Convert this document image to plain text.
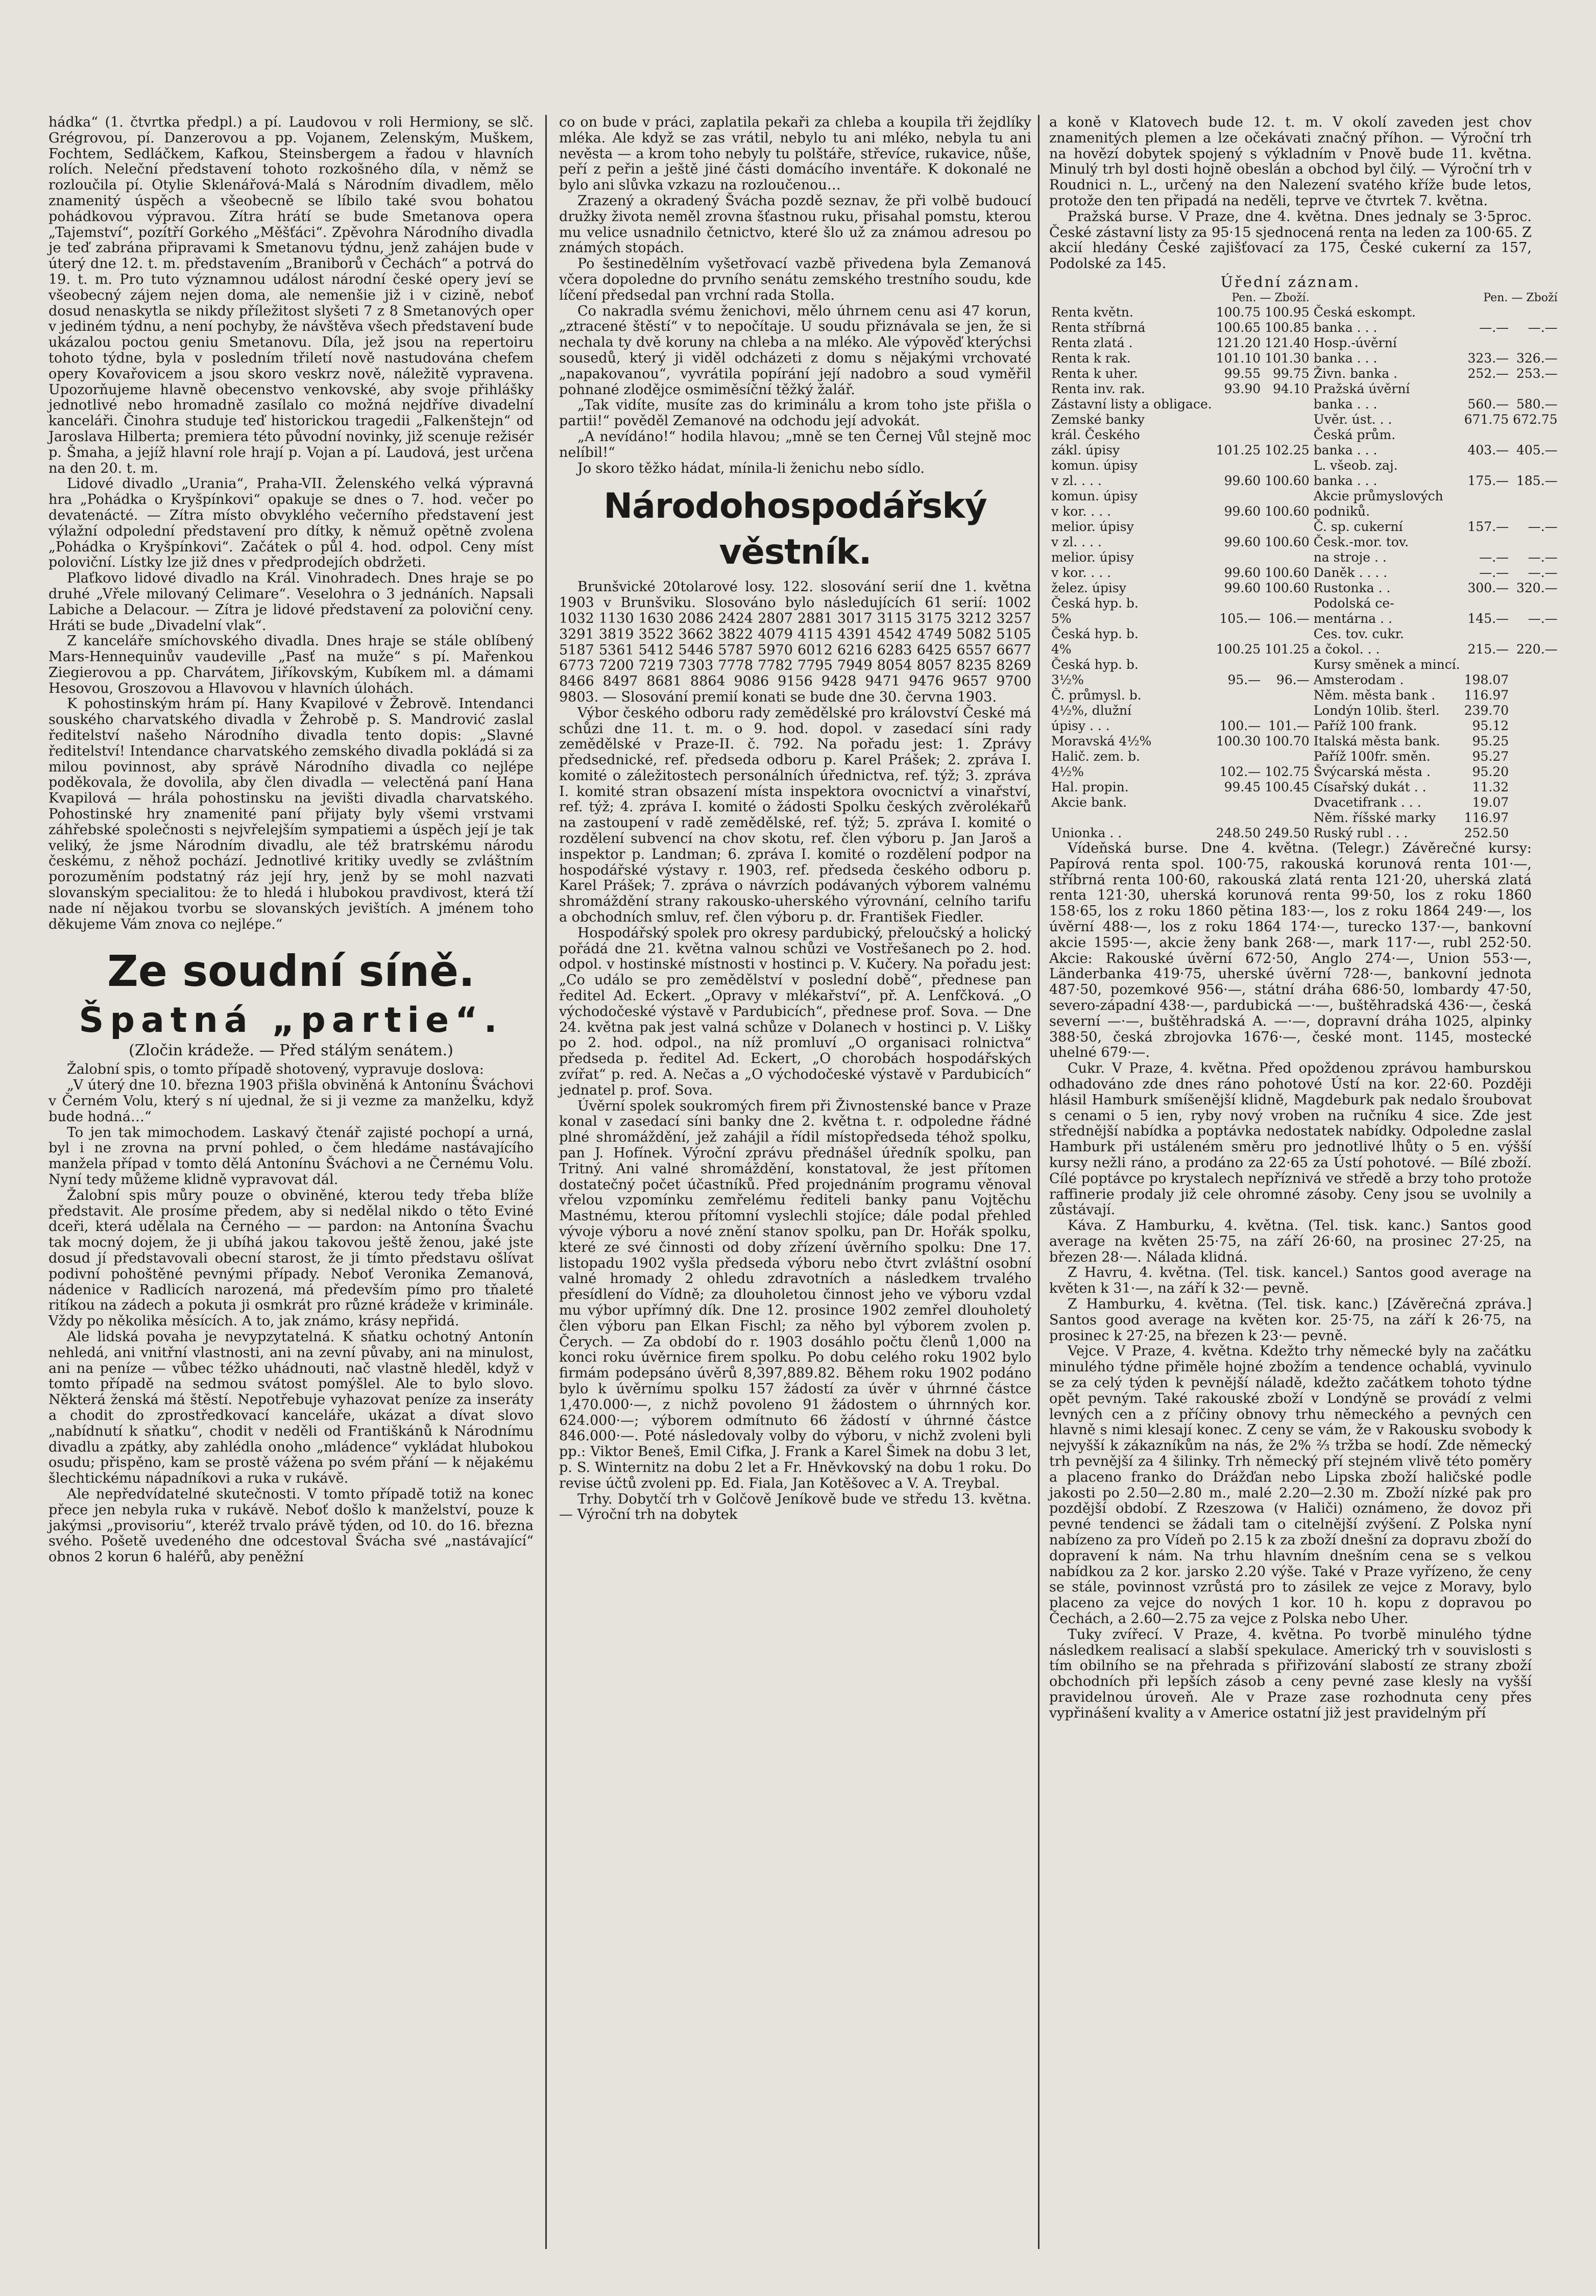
hádka“ (1. čtvrtka předpl.) a pí. Laudovou v roli Hermiony, se slč. Grégrovou, pí. Danzerovou a pp. Vojanem, Zelenským, Muškem, Fochtem, Sedláčkem, Kafkou, Steinsbergem a řadou v hlavních rolích. Neleční představení tohoto rozkošného díla, v němž se rozloučila pí. Otylie Sklenářová-Malá s Národním divadlem, mělo znamenitý úspěch a všeobecně se líbilo také svou bohatou pohádkovou výpravou. Zítra hrátí se bude Smetanova opera „Tajemství“, pozítří Gorkého „Měšťáci“. Zpěvohra Národního divadla je teď zabrána připravami k Smetanovu týdnu, jenž zahájen bude v úterý dne 12. t. m. představením „Braniborů v Čechách“ a potrvá do 19. t. m. Pro tuto významnou událost národní české opery jeví se všeobecný zájem nejen doma, ale nemenšie již i v cizině, neboť dosud nenaskytla se nikdy příležitost slyšeti 7 z 8 Smetanových oper v jediném týdnu, a není pochyby, že návštěva všech představení bude ukázalou poctou geniu Smetanovu. Díla, jež jsou na repertoiru tohoto týdne, byla v posledním třiletí nově nastudována chefem opery Kovařovicem a jsou skoro veskrz nově, náležitě vypravena. Upozorňujeme hlavně obecenstvo venkovské, aby svoje přihlášky jednotlivé nebo hromadně zasílalo co možná nejdříve divadelní kanceláři. Činohra studuje teď historickou tragedii „Falkenštejn“ od Jaroslava Hilberta; premiera této původní novinky, již scenuje režisér p. Šmaha, a jejíž hlavní role hrají p. Vojan a pí. Laudová, jest určena na den 20. t. m.

Lidové divadlo „Urania“, Praha-VII. Želenského velká výpravná hra „Pohádka o Kryšpínkovi“ opakuje se dnes o 7. hod. večer po devatenácté. — Zítra místo obvyklého večerního představení jest výlažní odpolední představení pro dítky, k němuž opětně zvolena „Pohádka o Kryšpínkovi“. Začátek o půl 4. hod. odpol. Ceny míst poloviční. Lístky lze již dnes v předprodejích obdržeti.

Plaťkovo lidové divadlo na Král. Vinohradech. Dnes hraje se po druhé „Vřele milovaný Celimare“. Veselohra o 3 jednáních. Napsali Labiche a Delacour. — Zítra je lidové představení za poloviční ceny. Hráti se bude „Divadelní vlak“.

Z kanceláře smíchovského divadla. Dnes hraje se stále oblíbený Mars-Hennequinův vaudeville „Pasť na muže“ s pí. Mařenkou Ziegierovou a pp. Charvátem, Jiříkovským, Kubíkem ml. a dámami Hesovou, Groszovou a Hlavovou v hlavních úlohách.

K pohostinským hrám pí. Hany Kvapilové v Žebrově. Intendanci souského charvatského divadla v Žehrobě p. S. Mandrović zaslal ředitelství našeho Národního divadla tento dopis: „Slavné ředitelství! Intendance charvatského zemského divadla pokládá si za milou povinnost, aby správě Národního divadla co nejlépe poděkovala, že dovolila, aby člen divadla — velectěná paní Hana Kvapilová — hrála pohostinsku na jevišti divadla charvatského. Pohostinské hry znamenité paní přijaty byly všemi vrstvami záhřebské společnosti s nejvřelejším sympatiemi a úspěch její je tak veliký, že jsme Národním divadlu, ale též bratrskému národu českému, z něhož pochází. Jednotlivé kritiky uvedly se zvláštním porozuměním podstatný ráz její hry, jenž by se mohl nazvati slovanským specialitou: že to hledá i hlubokou pravdivost, která tží nade ní nějakou tvorbu se slovanských jevištích. A jménem toho děkujeme Vám znova co nejlépe.“

Ze soudní síně.
Špatná „partie“.
(Zločin krádeže. — Před stálým senátem.)

Žalobní spis, o tomto případě shotovený, vypravuje doslova:

„V úterý dne 10. března 1903 přišla obviněná k Antonínu Šváchovi v Černém Volu, který s ní ujednal, že si ji vezme za manželku, když bude hodná…“

To jen tak mimochodem. Laskavý čtenář zajisté pochopí a urná, byl i ne zrovna na první pohled, o čem hledáme nastávajícího manžela případ v tomto dělá Antonínu Šváchovi a ne Černému Volu. Nyní tedy můžeme klidně vypravovat dál.

Žalobní spis můry pouze o obviněné, kterou tedy třeba blíže představit. Ale prosíme předem, aby si nedělal nikdo o těto Eviné dceři, která udělala na Černého — — pardon: na Antonína Švachu tak mocný dojem, že ji ubíhá jakou takovou ještě ženou, jaké jste dosud jí představovali obecní starost, že ji tímto představu ošlívat podivní pohoštěné pevnými případy. Neboť Veronika Zemanová, nádenice v Radlicích narozená, má především pímo pro tňaleté ritíkou na zádech a pokuta ji osmkrát pro různé krádeže v kriminále. Vždy po několika měsících. A to, jak známo, krásy nepřidá.

Ale lidská povaha je nevypzytatelná. K sňatku ochotný Antonín nehledá, ani vnitřní vlastnosti, ani na zevní půvaby, ani na minulost, ani na peníze — vůbec téžko uhádnouti, nač vlastně hleděl, když v tomto případě na sedmou svátost pomýšlel. Ale to bylo slovo. Některá ženská má štěstí. Nepotřebuje vyhazovat peníze za inseráty a chodit do zprostředkovací kanceláře, ukázat a dívat slovo „nabídnutí k sňatku“, chodit v neděli od Františkánů k Národnímu divadlu a zpátky, aby zahlédla onoho „mládence“ vykládat hlubokou osudu; přispěno, kam se prostě vážena po svém přání — k nějakému šlechtickému nápadníkovi a ruka v rukávě.

Ale nepředvídatelné skutečnosti. V tomto případě totiž na konec přece jen nebyla ruka v rukávě. Neboť došlo k manželství, pouze k jakýmsi „provisoriu“, kteréž trvalo právě týden, od 10. do 16. března svého. Pošetě uvedeného dne odcestoval Švácha své „nastávající“ obnos 2 korun 6 haléřů, aby peněžní

co on bude v práci, zaplatila pekaři za chleba a koupila tři žejdlíky mléka. Ale když se zas vrátil, nebylo tu ani mléko, nebyla tu ani nevěsta — a krom toho nebyly tu polštáře, střevíce, rukavice, nůše, peří z peřin a ještě jiné části domácího inventáře. K dokonalé ne bylo ani slůvka vzkazu na rozloučenou…

Zrazený a okradený Švácha pozdě seznav, že při volbě budoucí družky života neměl zrovna šťastnou ruku, přisahal pomstu, kterou mu velice usnadnilo četnictvo, které šlo už za známou adresou po známých stopách.

Po šestinedělním vyšetřovací vazbě přivedena byla Zemanová včera dopoledne do prvního senátu zemského trestního soudu, kde líčení předsedal pan vrchní rada Stolla.

Co nakradla svému ženichovi, mělo úhrnem cenu asi 47 korun, „ztracené štěstí“ v to nepočítaje. U soudu přiznávala se jen, že si nechala ty dvě koruny na chleba a na mléko. Ale výpověď kterýchsi sousedů, který ji viděl odcházeti z domu s nějakými vrchovaté „napakovanou“, vyvrátila popírání její nadobro a soud vyměřil pohnané zlodějce osmiměsíční těžký žalář.

„Tak vidíte, musíte zas do kriminálu a krom toho jste přišla o partii!“ pověděl Zemanové na odchodu její advokát.

„A nevídáno!“ hodila hlavou; „mně se ten Černej Vůl stejně moc nelíbil!“

Jo skoro těžko hádat, mínila-li ženichu nebo sídlo.

Národohospodářský věstník.

Brunšvické 20tolarové losy. 122. slosování serií dne 1. května 1903 v Brunšviku. Slosováno bylo následujících 61 serií: 1002 1032 1130 1630 2086 2424 2807 2881 3017 3115 3175 3212 3257 3291 3819 3522 3662 3822 4079 4115 4391 4542 4749 5082 5105 5187 5361 5412 5446 5787 5970 6012 6216 6283 6425 6557 6677 6773 7200 7219 7303 7778 7782 7795 7949 8054 8057 8235 8269 8466 8497 8681 8864 9086 9156 9428 9471 9476 9657 9700 9803. — Slosování premií konati se bude dne 30. června 1903.

Výbor českého odboru rady zemědělské pro království České má schůzi dne 11. t. m. o 9. hod. dopol. v zasedací síni rady zemědělské v Praze-II. č. 792. Na pořadu jest: 1. Zprávy předsednické, ref. předseda odboru p. Karel Prášek; 2. zpráva I. komité o záležitostech personálních úřednictva, ref. týž; 3. zpráva I. komité stran obsazení místa inspektora ovocnictví a vinařství, ref. týž; 4. zpráva I. komité o žádosti Spolku českých zvěrolékařů na zastoupení v radě zemědělské, ref. týž; 5. zpráva I. komité o rozdělení subvencí na chov skotu, ref. člen výboru p. Jan Jaroš a inspektor p. Landman; 6. zpráva I. komité o rozdělení podpor na hospodářské výstavy r. 1903, ref. předseda českého odboru p. Karel Prášek; 7. zpráva o návrzích podávaných výborem valnému shromáždění strany rakousko-uherského výrovnání, celního tarifu a obchodních smluv, ref. člen výboru p. dr. František Fiedler.

Hospodářský spolek pro okresy pardubický, přeloučský a holický pořádá dne 21. května valnou schůzi ve Vostřešanech po 2. hod. odpol. v hostinské místnosti v hostinci p. V. Kučery. Na pořadu jest: „Co událo se pro zemědělství v poslední době“, přednese pan ředitel Ad. Eckert. „Opravy v mlékařství“, př. A. Lenfčková. „O východočeské výstavě v Pardubicích“, přednese prof. Sova. — Dne 24. května pak jest valná schůze v Dolanech v hostinci p. V. Lišky po 2. hod. odpol., na níž promluví „O organisaci rolnictva“ předseda p. ředitel Ad. Eckert, „O chorobách hospodářských zvířat“ p. red. A. Nečas a „O východočeské výstavě v Pardubicích“ jednatel p. prof. Sova.

Úvěrní spolek soukromých firem při Živnostenské bance v Praze konal v zasedací síni banky dne 2. května t. r. odpoledne řádné plné shromáždění, jež zahájil a řídil místopředseda téhož spolku, pan J. Hofínek. Výroční zprávu přednášel úředník spolku, pan Tritný. Ani valné shromáždění, konstatoval, že jest přítomen dostatečný počet účastníků. Před projednáním programu věnoval vřelou vzpomínku zemřelému řediteli banky panu Vojtěchu Mastnému, kterou přítomní vyslechli stojíce; dále podal přehled vývoje výboru a nové znění stanov spolku, pan Dr. Hořák spolku, které ze své činnosti od doby zřízení úvěrního spolku: Dne 17. listopadu 1902 vyšla předseda výboru nebo čtvrt zvláštní osobní valné hromady 2 ohledu zdravotních a následkem trvalého přesídlení do Vídně; za dlouholetou činnost jeho ve výboru vzdal mu výbor upřímný dík. Dne 12. prosince 1902 zemřel dlouholetý člen výboru pan Elkan Fischl; za něho byl výborem zvolen p. Čerych. — Za období do r. 1903 dosáhlo počtu členů 1,000 na konci roku úvěrnice firem spolku. Po dobu celého roku 1902 bylo firmám podepsáno úvěrů 8,397,889.82. Během roku 1902 podáno bylo k úvěrnímu spolku 157 žádostí za úvěr v úhrnné částce 1,470.000·—, z nichž povoleno 91 žádostem o úhrnných kor. 624.000·—; výborem odmítnuto 66 žádostí v úhrnné částce 846.000·—. Poté následovaly volby do výboru, v nichž zvoleni byli pp.: Viktor Beneš, Emil Cifka, J. Frank a Karel Šimek na dobu 3 let, p. S. Winternitz na dobu 2 let a Fr. Hněvkovský na dobu 1 roku. Do revise účtů zvoleni pp. Ed. Fiala, Jan Kotěšovec a V. A. Treybal.

Trhy. Dobytčí trh v Golčově Jeníkově bude ve středu 13. května. — Výroční trh na dobytek

a koně v Klatovech bude 12. t. m. V okolí zaveden jest chov znamenitých plemen a lze očekávati značný příhon. — Výroční trh na hovězí dobytek spojený s výkladním v Pnově bude 11. května. Minulý trh byl dosti hojně obeslán a obchod byl čilý. — Výroční trh v Roudnici n. L., určený na den Nalezení svatého kříže bude letos, protože den ten připadá na neděli, teprve ve čtvrtek 7. května.

Pražská burse. V Praze, dne 4. května. Dnes jednaly se 3·5proc. České zástavní listy za 95·15 sjednocená renta na leden za 100·65. Z akcií hledány České zajišťovací za 175, České cukerní za 157, Podolské za 145.

Úřední záznam.
	Pen. — Zboží.			Pen. — Zboží	
Renta květn.	100.75	100.95	Česká eskompt.		
Renta stříbrná	100.65	100.85	banka . . .	—.—	—.—
Renta zlatá .	121.20	121.40	Hosp.-úvěrní		
Renta k rak.	101.10	101.30	banka . . .	323.—	326.—
Renta k uher.	99.55	99.75	Živn. banka .	252.—	253.—
Renta inv. rak.	93.90	94.10	Pražská úvěrní		
Zástavní listy a obligace.			banka . . .	560.—	580.—
Zemské banky			Uvěr. úst. . .	671.75	672.75
král. Českého			Česká prům.		
zákl. úpisy	101.25	102.25	banka . . .	403.—	405.—
komun. úpisy			L. všeob. zaj.		
v zl. . . .	99.60	100.60	banka . . .	175.—	185.—
komun. úpisy			Akcie průmyslových		
v kor. . . .	99.60	100.60	podniků.		
melior. úpisy			Č. sp. cukerní	157.—	—.—
v zl. . . .	99.60	100.60	Česk.-mor. tov.		
melior. úpisy			na stroje . .	—.—	—.—
v kor. . . .	99.60	100.60	Daněk . . . .	—.—	—.—
želez. úpisy	99.60	100.60	Rustonka . .	300.—	320.—
Česká hyp. b.			Podolská ce-		
5%	105.—	106.—	mentárna . .	145.—	—.—
Česká hyp. b.			Ces. tov. cukr.		
4%	100.25	101.25	a čokol. . .	215.—	220.—
Česká hyp. b.			Kursy směnek a mincí.		
3½%	95.—	96.—	Amsterodam .	198.07	
Č. průmysl. b.			Něm. města bank .	116.97	
4½%, dlužní			Londýn 10lib. šterl.	239.70	
úpisy . . .	100.—	101.—	Paříž 100 frank.	95.12	
Moravská 4½%	100.30	100.70	Italská města bank.	95.25	
Halič. zem. b.			Paříž 100fr. směn.	95.27	
4½%	102.—	102.75	Švýcarská města .	95.20	
Hal. propin.	99.45	100.45	Císařský dukát . .	11.32	
Akcie bank.			Dvacetifrank . . .	19.07	
			Něm. říšské marky	116.97	
Unionka . .	248.50	249.50	Ruský rubl . . .	252.50	

Vídeňská burse. Dne 4. května. (Telegr.) Závěrečné kursy: Papírová renta spol. 100·75, rakouská korunová renta 101·—, stříbrná renta 100·60, rakouská zlatá renta 121·20, uherská zlatá renta 121·30, uherská korunová renta 99·50, los z roku 1860 158·65, los z roku 1860 pětina 183·—, los z roku 1864 249·—, los úvěrní 488·—, los z roku 1864 174·—, turecko 137·—, bankovní akcie 1595·—, akcie ženy bank 268·—, mark 117·—, rubl 252·50. Akcie: Rakouské úvěrní 672·50, Anglo 274·—, Union 553·—, Länderbanka 419·75, uherské úvěrní 728·—, bankovní jednota 487·50, pozemkové 956·—, státní dráha 686·50, lombardy 47·50, severo-západní 438·—, pardubická —·—, buštěhradská 436·—, česká severní —·—, buštěhradská A. —·—, dopravní dráha 1025, alpinky 388·50, česká zbrojovka 1676·—, české mont. 1145, mostecké uhelné 679·—.

Cukr. V Praze, 4. května. Před opoždenou zprávou hamburskou odhadováno zde dnes ráno pohotové Ústí na kor. 22·60. Později hlásil Hamburk smíšenější klidně, Magdeburk pak nedalo šroubovat s cenami o 5 ien, ryby nový vroben na ručníku 4 sice. Zde jest střednější nabídka a poptávka nedostatek nabídky. Odpoledne zaslal Hamburk při ustáleném směru pro jednotlivé lhůty o 5 en. výšší kursy nežli ráno, a prodáno za 22·65 za Ústí pohotové. — Bílé zboží. Cílé poptávce po krystalech nepříznivá ve středě a brzy toho protože raffinerie prodaly již cele ohromné zásoby. Ceny jsou se uvolnily a zůstávají.

Káva. Z Hamburku, 4. května. (Tel. tisk. kanc.) Santos good average na květen 25·75, na září 26·60, na prosinec 27·25, na březen 28·—. Nálada klidná.

Z Havru, 4. května. (Tel. tisk. kancel.) Santos good average na květen k 31·—, na září k 32·— pevně.

Z Hamburku, 4. května. (Tel. tisk. kanc.) [Závěrečná zpráva.] Santos good average na květen kor. 25·75, na září k 26·75, na prosinec k 27·25, na březen k 23·— pevně.

Vejce. V Praze, 4. května. Kdežto trhy německé byly na začátku minulého týdne přiměle hojné zbožím a tendence ochablá, vyvinulo se za celý týden k pevnější náladě, kdežto začátkem tohoto týdne opět pevným. Také rakouské zboží v Londýně se provádí z velmi levných cen a z příčiny obnovy trhu německého a pevných cen hlavně s nimi klesají konec. Z ceny se vám, že v Rakousku svobody k nejvyšší k zákazníkům na nás, že 2% ⅔ tržba se hodí. Zde německý trh pevnější za 4 šilinky. Trh německý pří stejném vlivě této poměry a placeno franko do Drážďan nebo Lipska zboží haličské podle jakosti po 2.50—2.80 m., malé 2.20—2.30 m. Zboží nízké pak pro pozdější období. Z Rzeszowa (v Haliči) oznámeno, že dovoz při pevné tendenci se žádali tam o citelnější zvýšení. Z Polska nyní nabízeno za pro Vídeň po 2.15 k za zboží dnešní za dopravu zboží do dopravení k nám. Na trhu hlavním dnešním cena se s velkou nabídkou za 2 kor. jarsko 2.20 výše. Také v Praze vyřízeno, že ceny se stále, povinnost vzrůstá pro to zásilek ze vejce z Moravy, bylo placeno za vejce do nových 1 kor. 10 h. kopu z dopravou po Čechách, a 2.60—2.75 za vejce z Polska nebo Uher.

Tuky zvířecí. V Praze, 4. května. Po tvorbě minulého týdne následkem realisací a slabší spekulace. Americký trh v souvislosti s tím obilního se na přehrada s přiřizování slabostí ze strany zboží obchodních při lepších zásob a ceny pevné zase klesly na vyšší pravidelnou úroveň. Ale v Praze zase rozhodnuta ceny přes vypřinášení kvality a v Americe ostatní již jest pravidelným pří
